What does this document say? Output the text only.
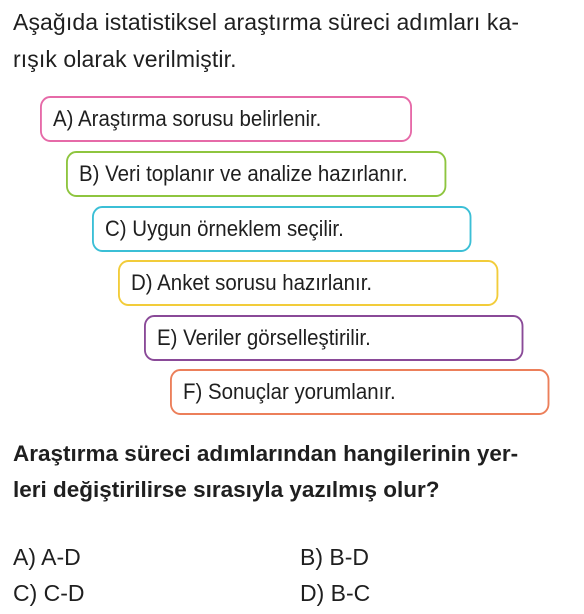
Aşağıda istatistiksel araştırma süreci adımları ka-
rışık olarak verilmiştir.
A) Araştırma sorusu belirlenir.
B) Veri toplanır ve analize hazırlanır.
C) Uygun örneklem seçilir.
D) Anket sorusu hazırlanır.
E) Veriler görselleştirilir.
F) Sonuçlar yorumlanır.
Araştırma süreci adımlarından hangilerinin yer-
leri değiştirilirse sırasıyla yazılmış olur?
A) A-D	B) B-D
C) C-D	D) B-C
